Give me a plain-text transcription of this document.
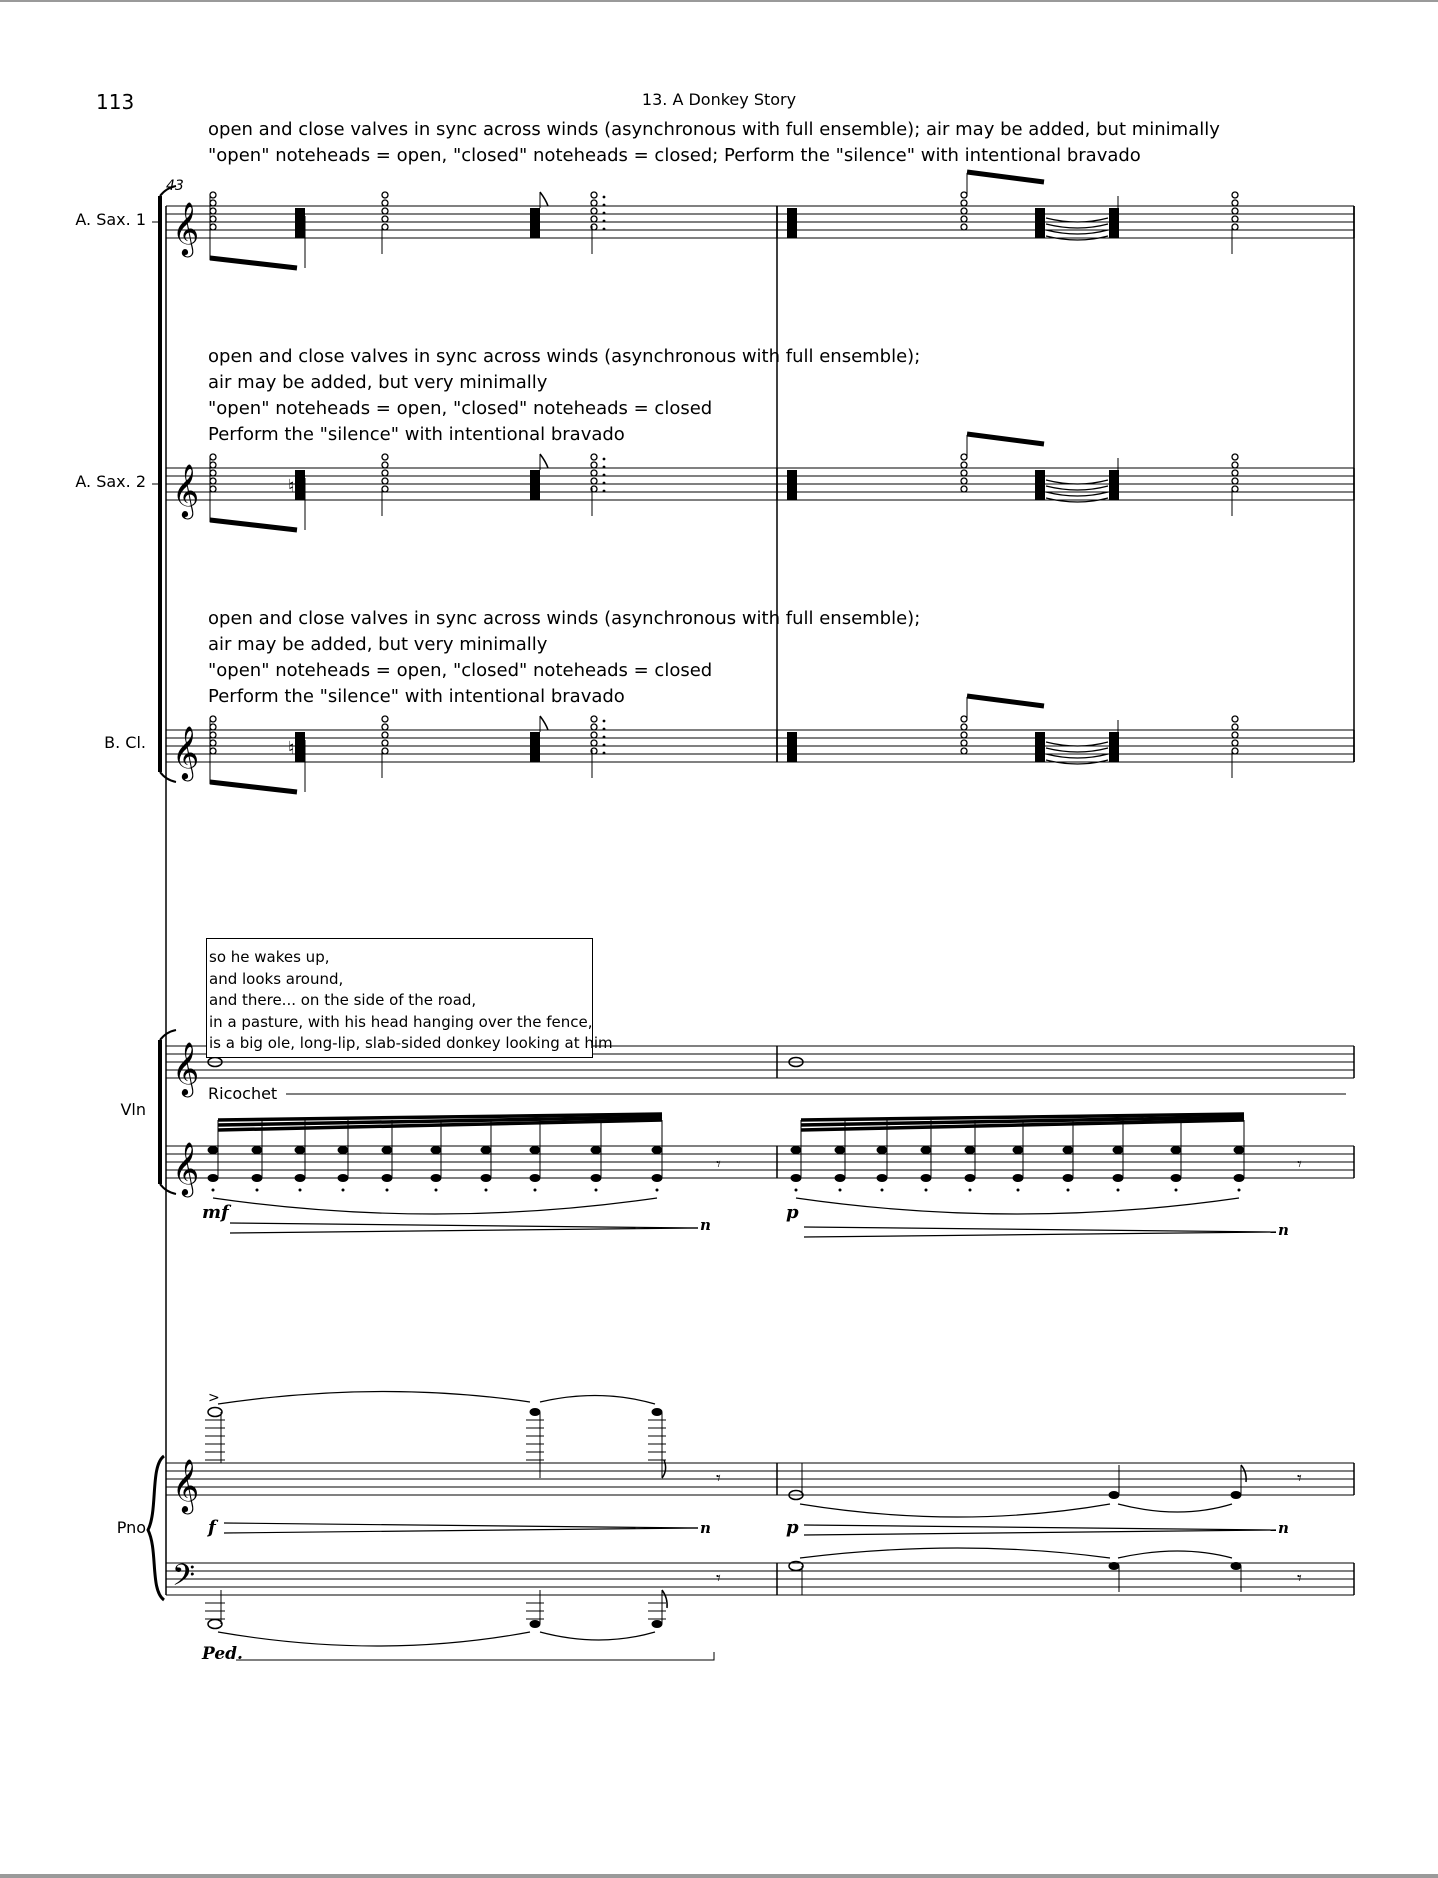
𝄞
𝄞
𝄞
𝄞
𝄞
𝄞
𝄢
♮
♮
𝄾	𝄾
>
𝄾	𝄾
𝄾	𝄾
113	13. A Donkey Story
43
A. Sax. 1
A. Sax. 2
B. Cl.
Vln
Pno
open and close valves in sync across winds (asynchronous with full ensemble); air may be added, but minimally
"open" noteheads = open, "closed" noteheads = closed; Perform the "silence" with intentional bravado
open and close valves in sync across winds (asynchronous with full ensemble);
air may be added, but very minimally
"open" noteheads = open, "closed" noteheads = closed
Perform the "silence" with intentional bravado
open and close valves in sync across winds (asynchronous with full ensemble);
air may be added, but very minimally
"open" noteheads = open, "closed" noteheads = closed
Perform the "silence" with intentional bravado
so he wakes up,
and looks around,
and there... on the side of the road,
in a pasture, with his head hanging over the fence,
is a big ole, long-lip, slab-sided donkey looking at him
Ricochet
mf
n
p
n
f	n	p	n
Ped.
